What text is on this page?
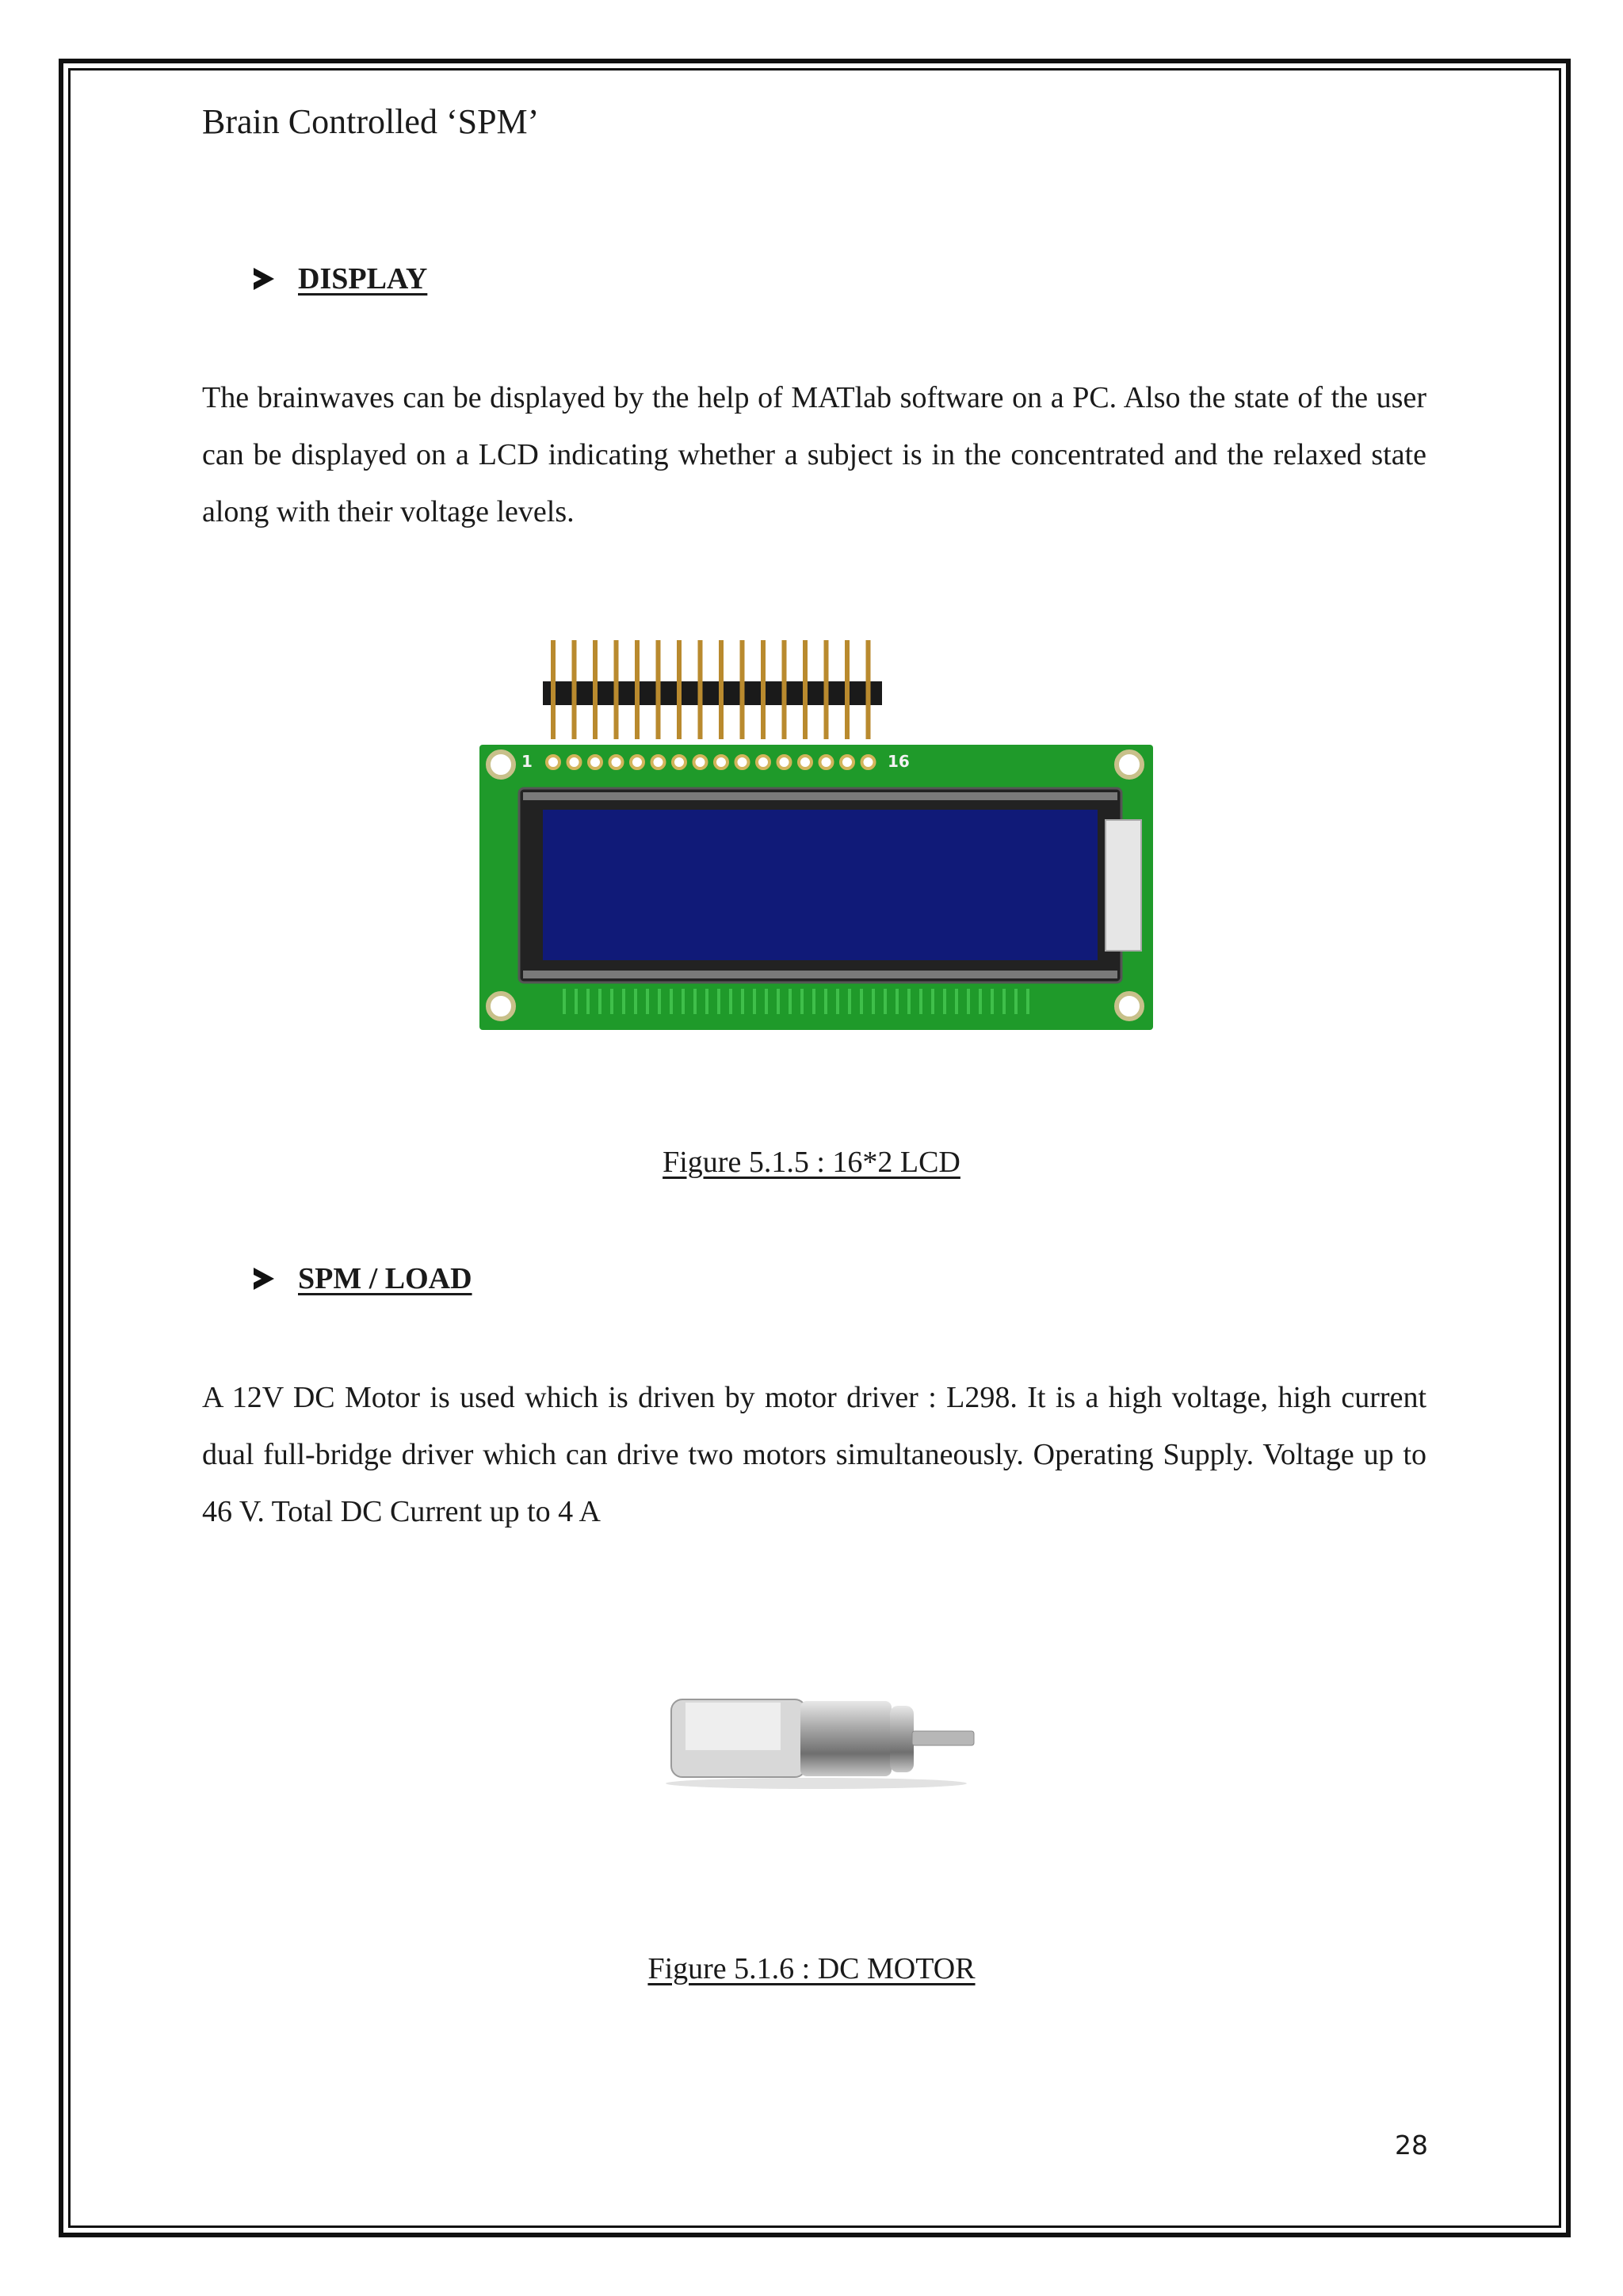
Brain Controlled ‘SPM’
DISPLAY
The brainwaves can be displayed by the help of MATlab software on a PC. Also the state of the user can be displayed on a LCD indicating whether a subject is in the concentrated and the relaxed state along with their voltage levels.
1	16
Figure 5.1.5 : 16*2 LCD
SPM / LOAD
A 12V DC Motor is used which is driven by motor driver : L298. It is a high voltage, high current dual full-bridge driver which can drive two motors simultaneously. Operating Supply. Voltage up to 46 V. Total DC Current up to 4 A
Figure 5.1.6 : DC MOTOR
28
